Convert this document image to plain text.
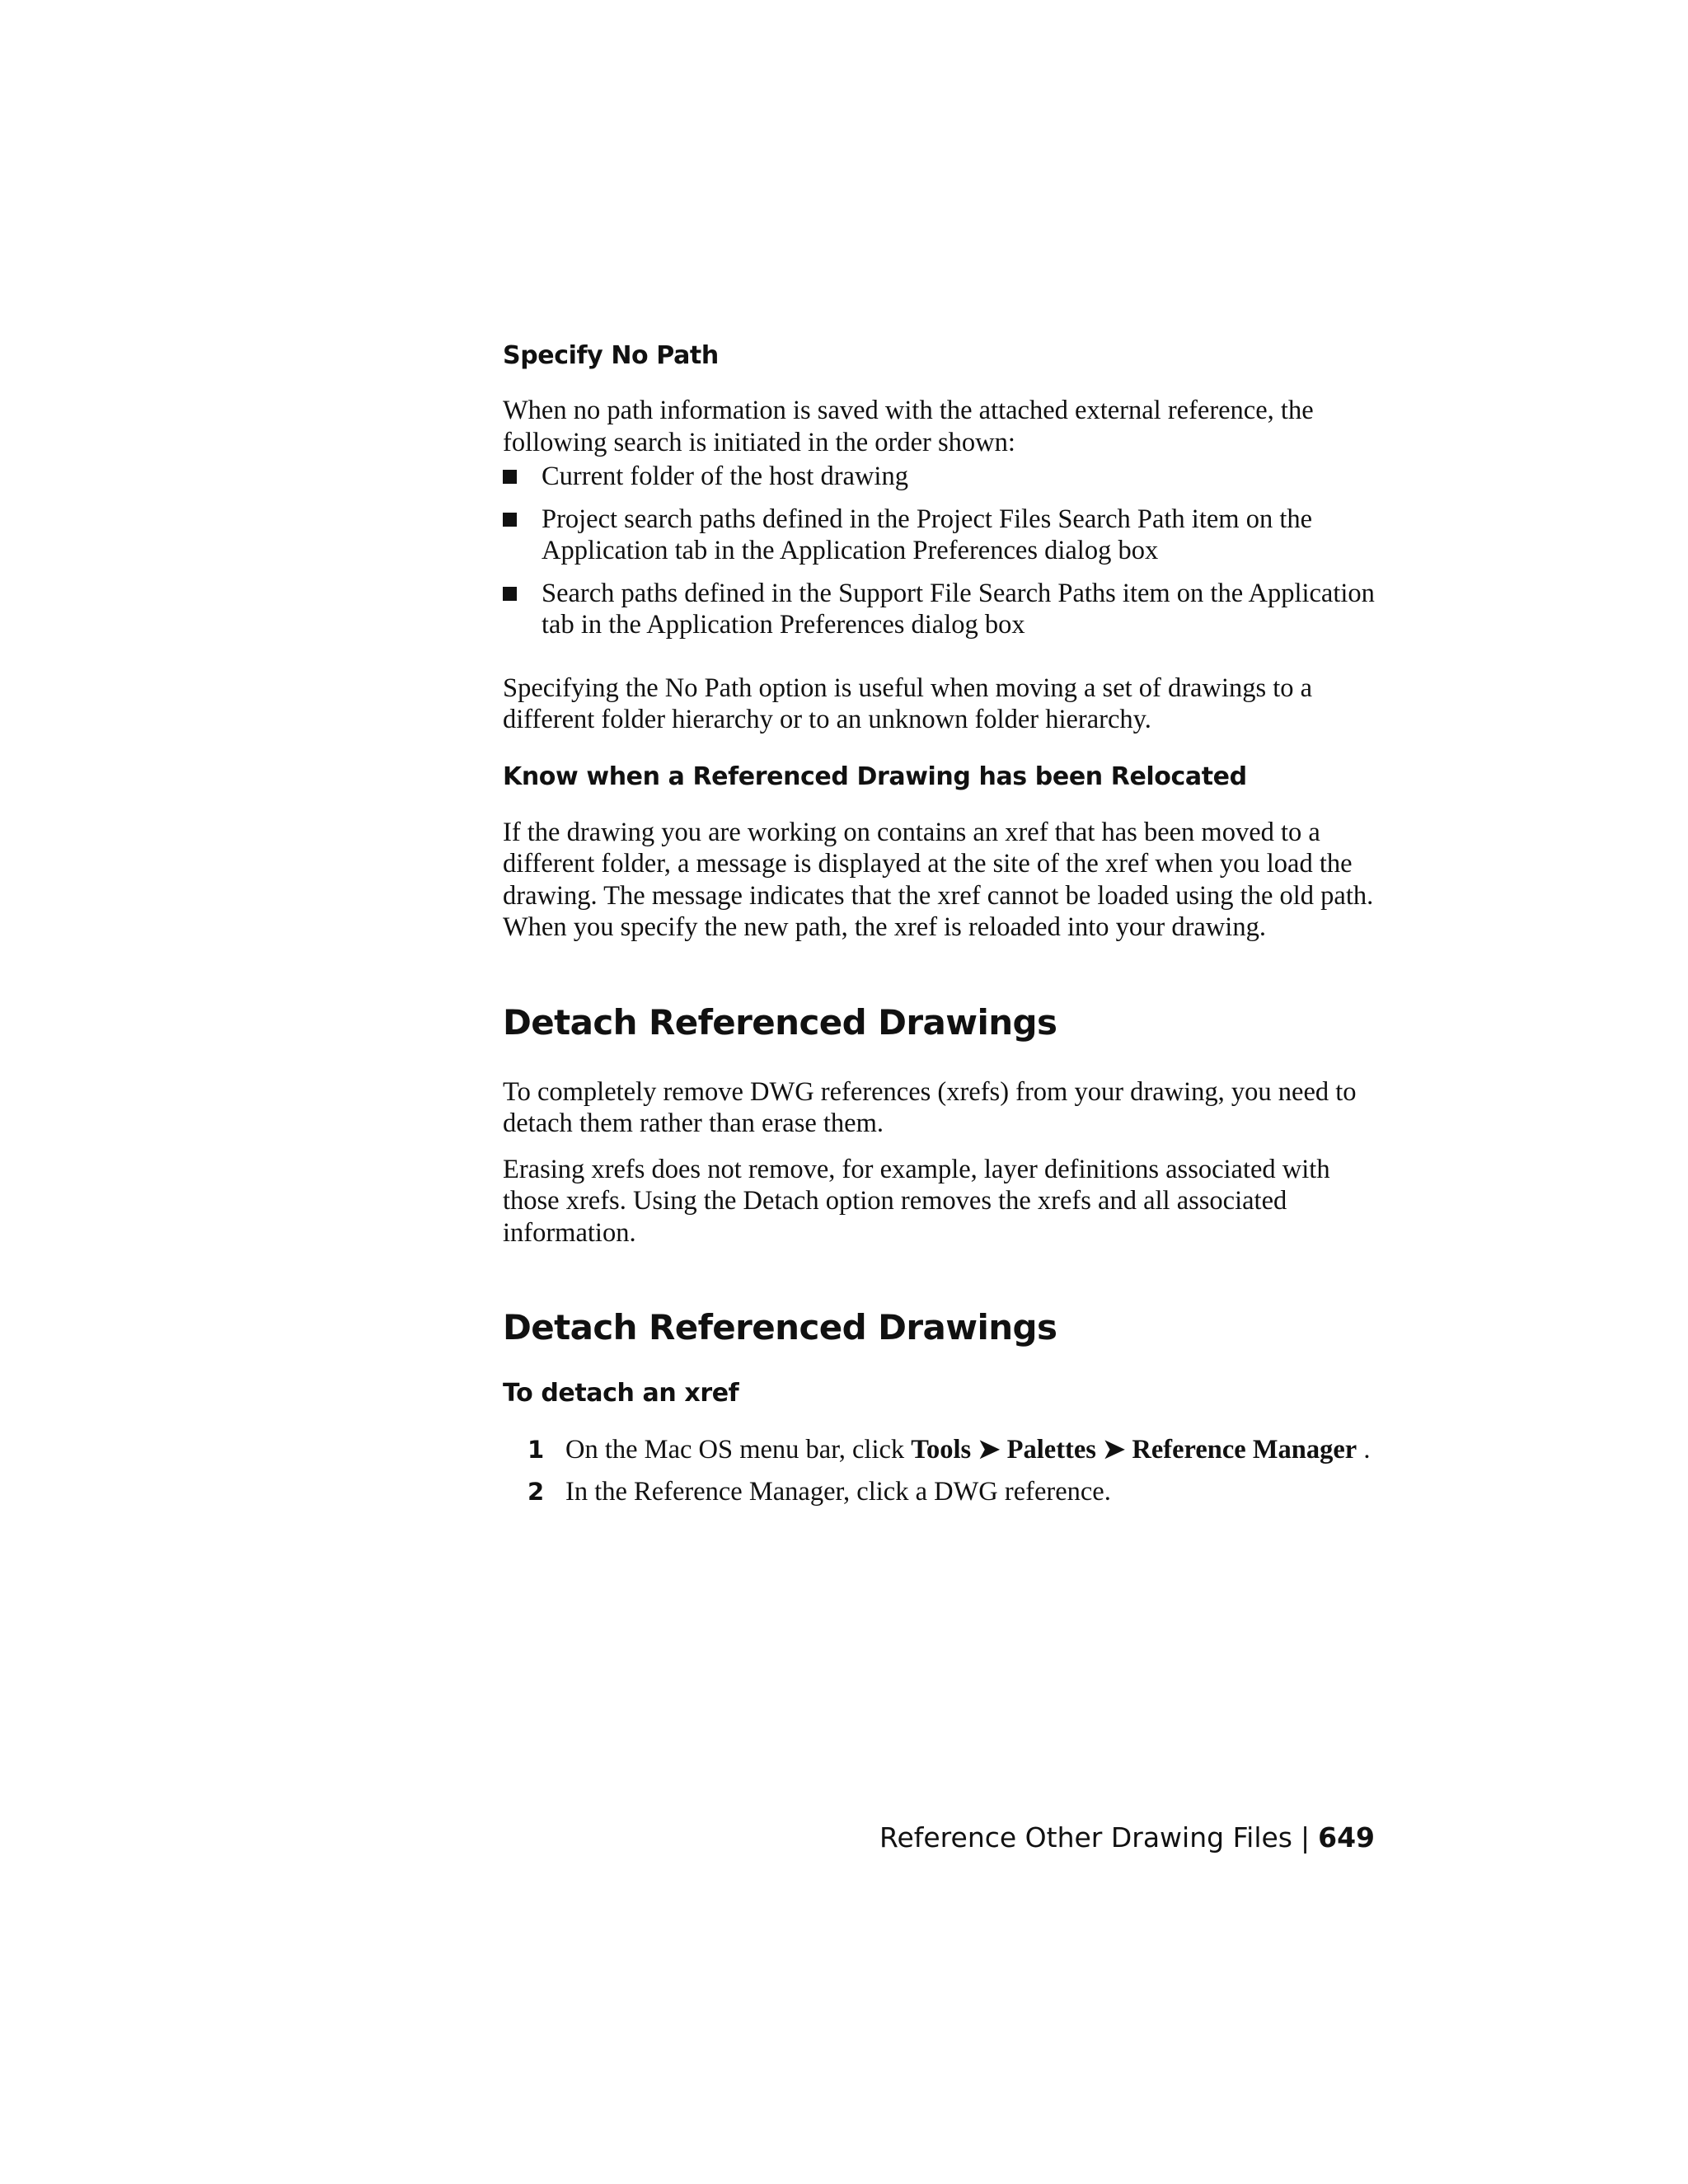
Specify No Path

When no path information is saved with the attached external reference, the following search is initiated in the order shown:

Current folder of the host drawing
Project search paths defined in the Project Files Search Path item on the Application tab in the Application Preferences dialog box
Search paths defined in the Support File Search Paths item on the Application tab in the Application Preferences dialog box

Specifying the No Path option is useful when moving a set of drawings to a different folder hierarchy or to an unknown folder hierarchy.

Know when a Referenced Drawing has been Relocated

If the drawing you are working on contains an xref that has been moved to a different folder, a message is displayed at the site of the xref when you load the drawing. The message indicates that the xref cannot be loaded using the old path. When you specify the new path, the xref is reloaded into your drawing.

Detach Referenced Drawings

To completely remove DWG references (xrefs) from your drawing, you need to detach them rather than erase them.

Erasing xrefs does not remove, for example, layer definitions associated with those xrefs. Using the Detach option removes the xrefs and all associated information.

Detach Referenced Drawings
To detach an xref
1 On the Mac OS menu bar, click Tools ➤ Palettes ➤ Reference Manager .
2 In the Reference Manager, click a DWG reference.
Reference Other Drawing Files | 649
